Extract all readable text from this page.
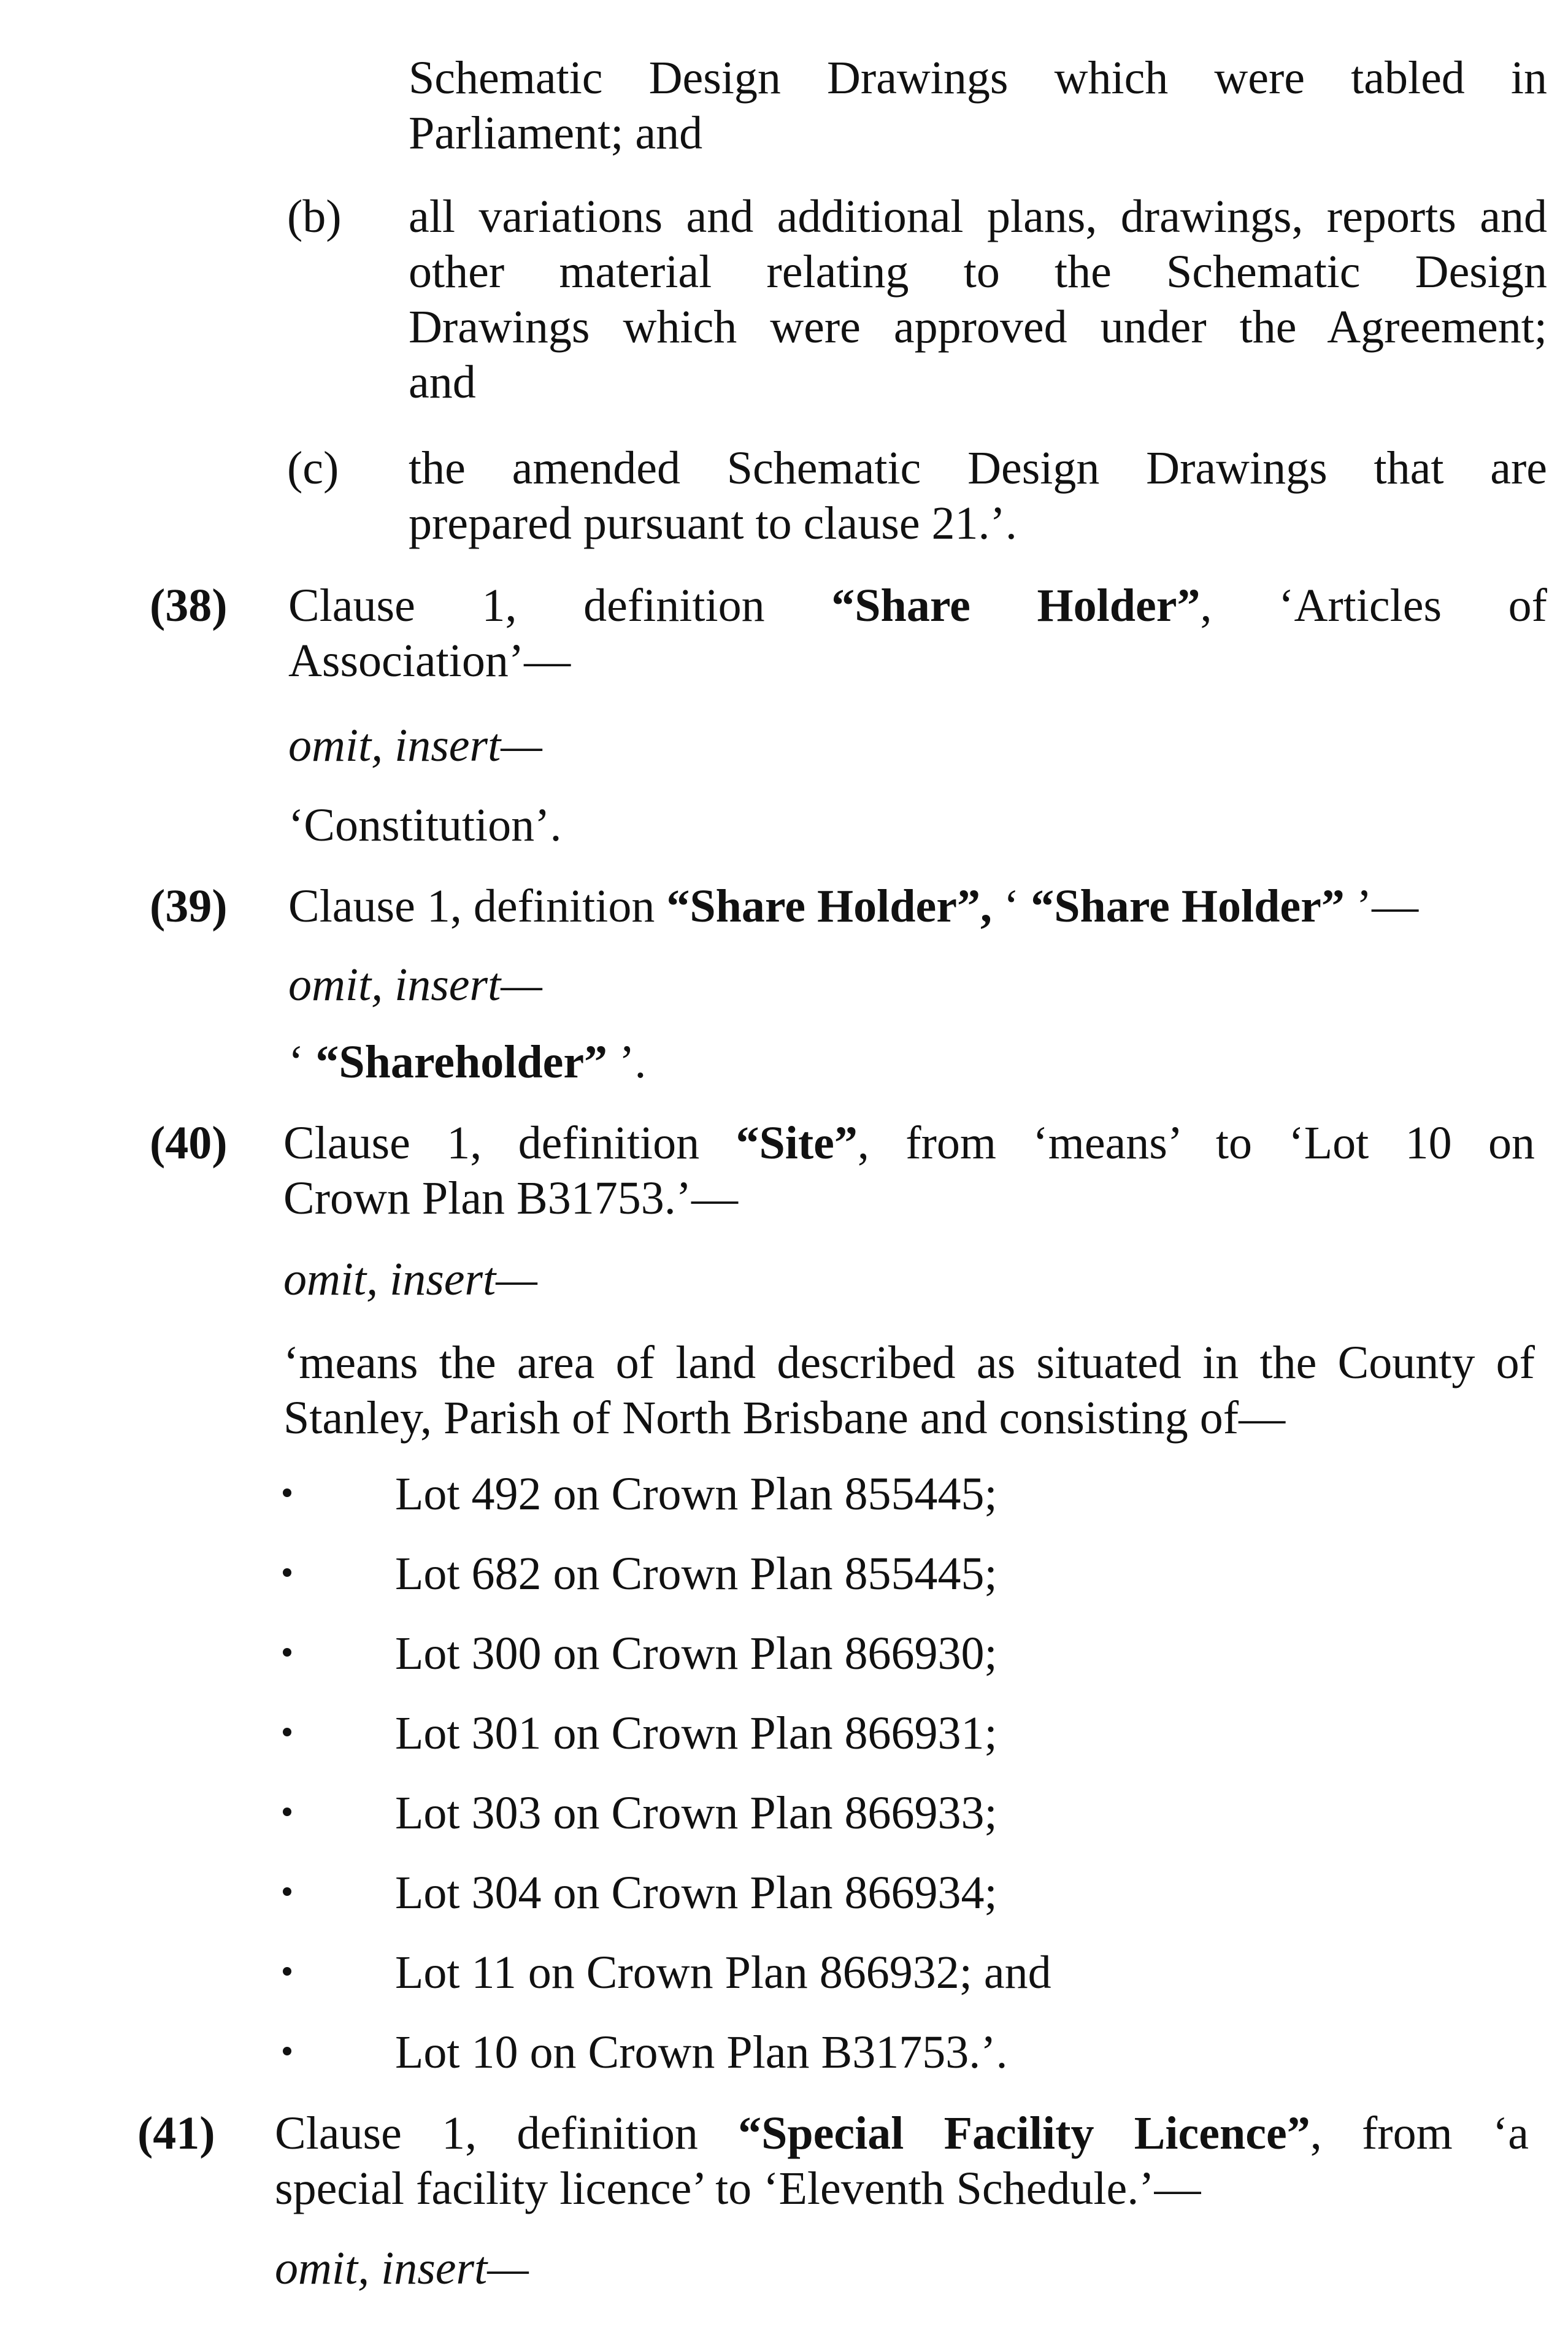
Schematic Design Drawings which were tabled in
Parliament; and
(b) all variations and additional plans, drawings, reports and
other material relating to the Schematic Design
Drawings which were approved under the Agreement;
and
(c) the amended Schematic Design Drawings that are
prepared pursuant to clause 21.’.
(38) Clause 1, definition “Share Holder”, ‘Articles of
Association’—
omit, insert—
‘Constitution’.
(39) Clause 1, definition “Share Holder”, ‘ “Share Holder” ’—
omit, insert—
‘ “Shareholder” ’.
(40) Clause 1, definition “Site”, from ‘means’ to ‘Lot 10 on
Crown Plan B31753.’—
omit, insert—
‘means the area of land described as situated in the County of
Stanley, Parish of North Brisbane and consisting of—
Lot 492 on Crown Plan 855445;
Lot 682 on Crown Plan 855445;
Lot 300 on Crown Plan 866930;
Lot 301 on Crown Plan 866931;
Lot 303 on Crown Plan 866933;
Lot 304 on Crown Plan 866934;
Lot 11 on Crown Plan 866932; and
Lot 10 on Crown Plan B31753.’.
(41) Clause 1, definition “Special Facility Licence”, from ‘a
special facility licence’ to ‘Eleventh Schedule.’—
omit, insert—
